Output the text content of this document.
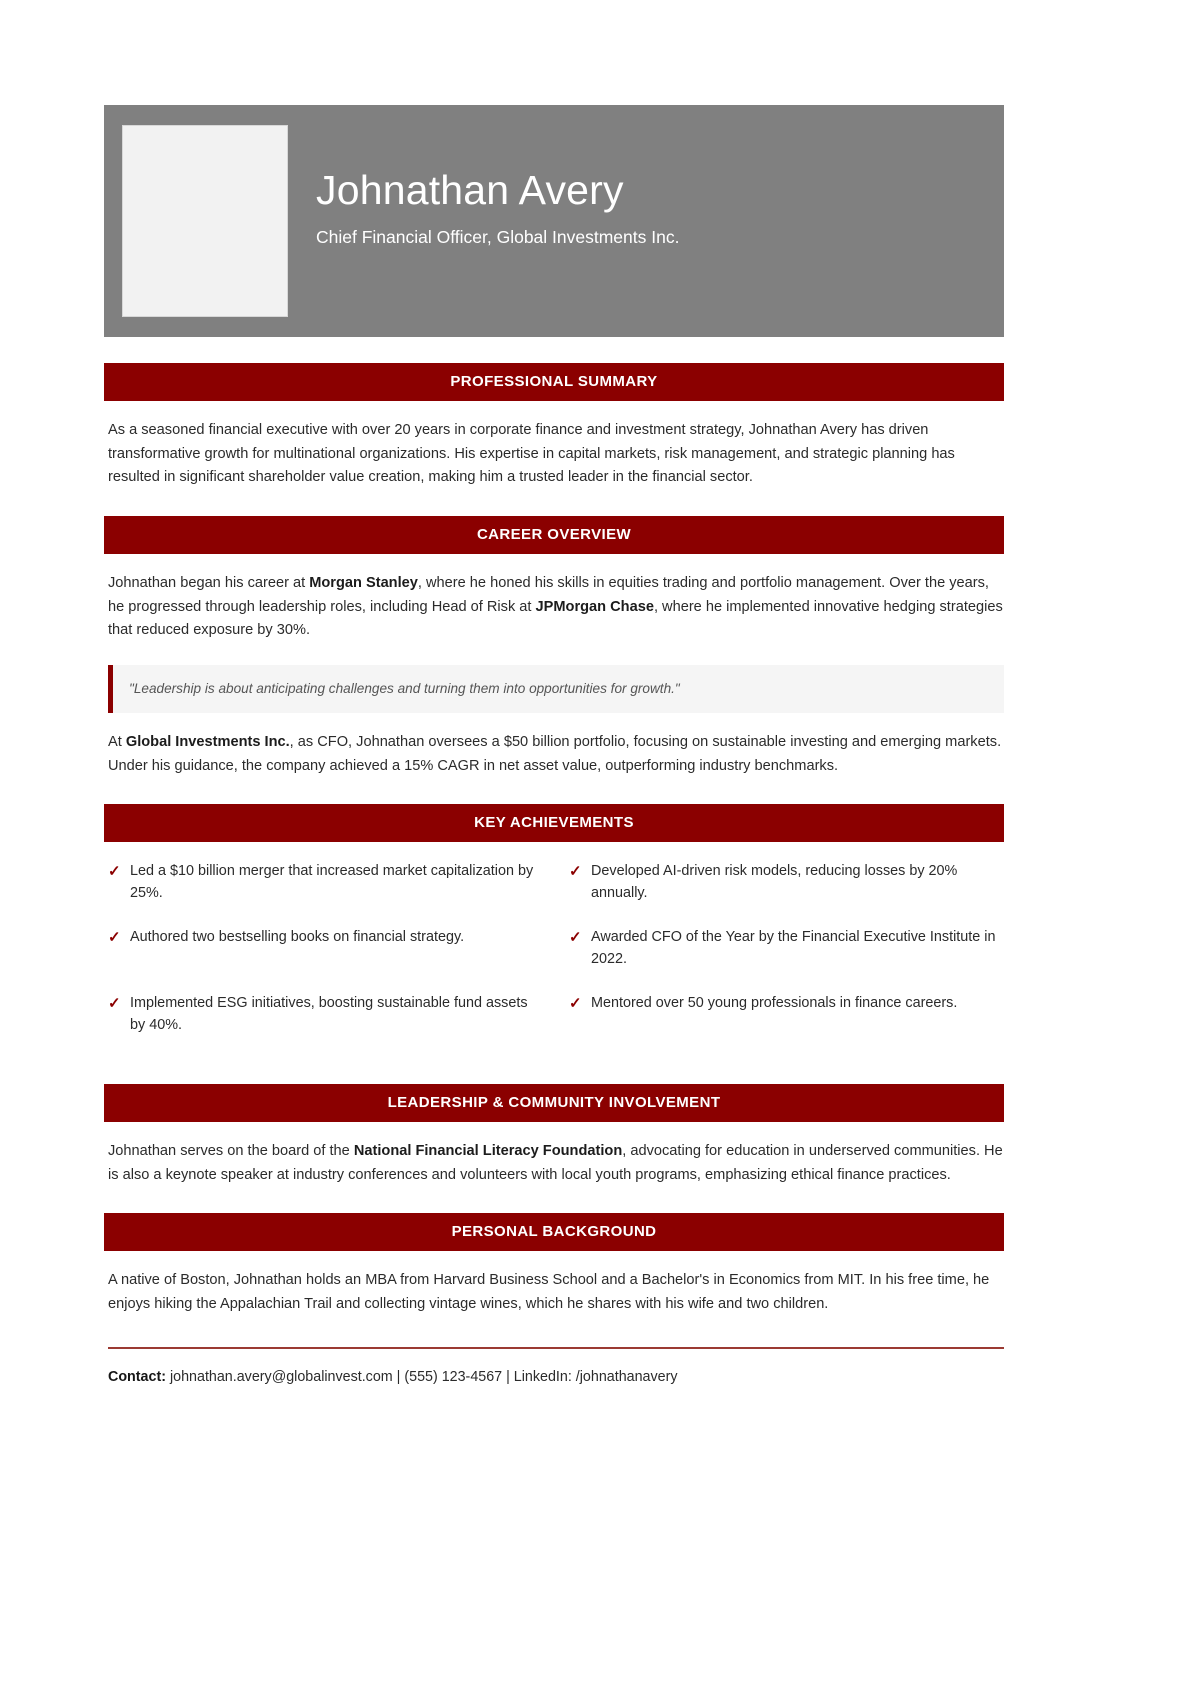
Johnathan Avery
Chief Financial Officer, Global Investments Inc.
PROFESSIONAL SUMMARY
As a seasoned financial executive with over 20 years in corporate finance and investment strategy, Johnathan Avery has driven transformative growth for multinational organizations. His expertise in capital markets, risk management, and strategic planning has resulted in significant shareholder value creation, making him a trusted leader in the financial sector.
CAREER OVERVIEW
Johnathan began his career at Morgan Stanley, where he honed his skills in equities trading and portfolio management. Over the years, he progressed through leadership roles, including Head of Risk at JPMorgan Chase, where he implemented innovative hedging strategies that reduced exposure by 30%.
"Leadership is about anticipating challenges and turning them into opportunities for growth."
At Global Investments Inc., as CFO, Johnathan oversees a $50 billion portfolio, focusing on sustainable investing and emerging markets. Under his guidance, the company achieved a 15% CAGR in net asset value, outperforming industry benchmarks.
KEY ACHIEVEMENTS
✓ Led a $10 billion merger that increased market capitalization by 25%.
✓ Developed AI-driven risk models, reducing losses by 20% annually.
✓ Authored two bestselling books on financial strategy.	✓ Awarded CFO of the Year by the Financial Executive Institute in 2022.
✓ Implemented ESG initiatives, boosting sustainable fund assets by 40%.
✓ Mentored over 50 young professionals in finance careers.
LEADERSHIP & COMMUNITY INVOLVEMENT
Johnathan serves on the board of the National Financial Literacy Foundation, advocating for education in underserved communities. He is also a keynote speaker at industry conferences and volunteers with local youth programs, emphasizing ethical finance practices.
PERSONAL BACKGROUND
A native of Boston, Johnathan holds an MBA from Harvard Business School and a Bachelor's in Economics from MIT. In his free time, he enjoys hiking the Appalachian Trail and collecting vintage wines, which he shares with his wife and two children.
Contact: johnathan.avery@globalinvest.com | (555) 123-4567 | LinkedIn: /johnathanavery
